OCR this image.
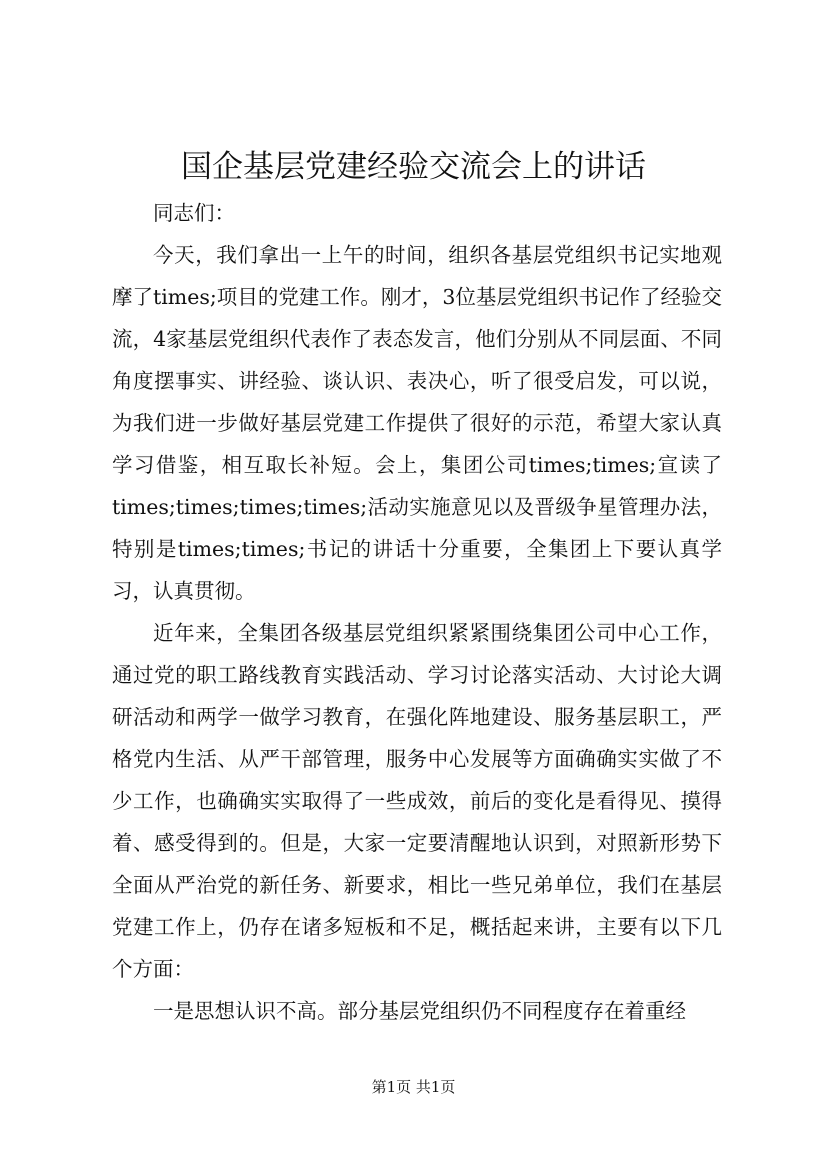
国企基层党建经验交流会上的讲话

同志们：

今天，我们拿出一上午的时间，组织各基层党组织书记实地观摩了times;项目的党建工作。刚才，3位基层党组织书记作了经验交流，4家基层党组织代表作了表态发言，他们分别从不同层面、不同角度摆事实、讲经验、谈认识、表决心，听了很受启发，可以说，为我们进一步做好基层党建工作提供了很好的示范，希望大家认真学习借鉴，相互取长补短。会上，集团公司times;times;宣读了times;times;times;times;活动实施意见以及晋级争星管理办法，特别是times;times;书记的讲话十分重要，全集团上下要认真学习，认真贯彻。

近年来，全集团各级基层党组织紧紧围绕集团公司中心工作，通过党的职工路线教育实践活动、学习讨论落实活动、大讨论大调研活动和两学一做学习教育，在强化阵地建设、服务基层职工，严格党内生活、从严干部管理，服务中心发展等方面确确实实做了不少工作，也确确实实取得了一些成效，前后的变化是看得见、摸得着、感受得到的。但是，大家一定要清醒地认识到，对照新形势下全面从严治党的新任务、新要求，相比一些兄弟单位，我们在基层党建工作上，仍存在诸多短板和不足，概括起来讲，主要有以下几个方面：

一是思想认识不高。部分基层党组织仍不同程度存在着重经

第1页 共1页
